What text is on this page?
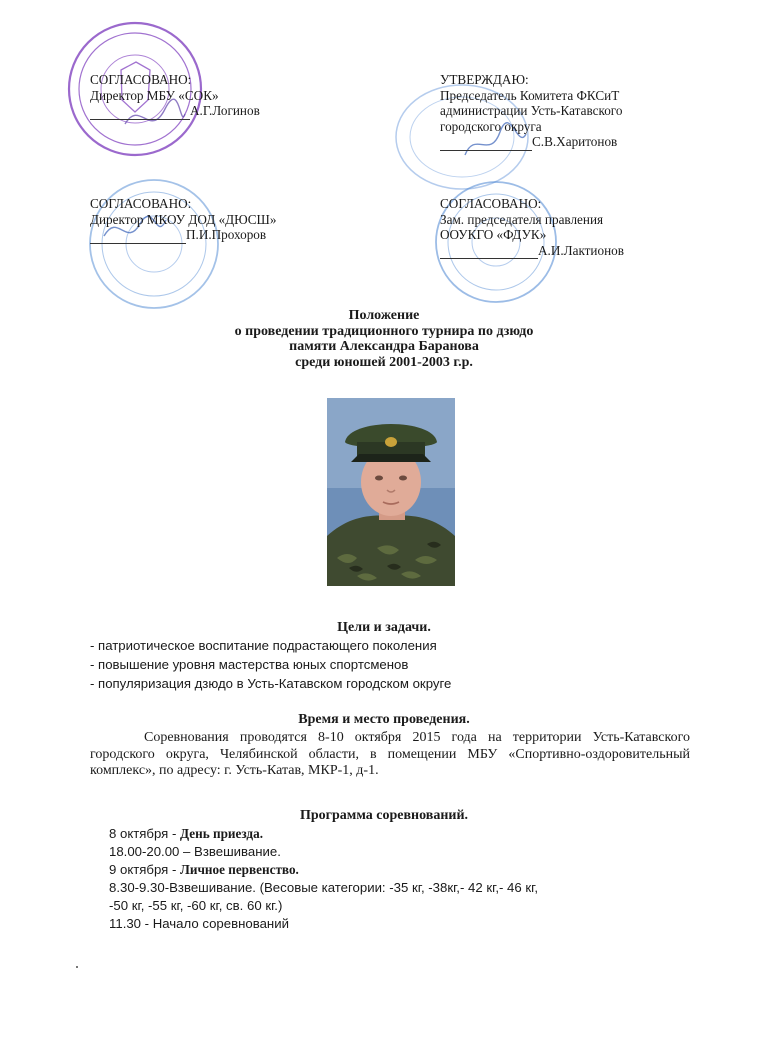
СОГЛАСОВАНО:
Директор МБУ «СОК»
А.Г.Логинов
УТВЕРЖДАЮ:
Председатель Комитета ФКСиТ
администрации Усть-Катавского
городского округа
С.В.Харитонов
СОГЛАСОВАНО:
Директор МКОУ ДОД «ДЮСШ»
П.И.Прохоров
СОГЛАСОВАНО:
Зам. председателя правления
ООУКГО «ФДУК»
А.И.Лактионов
Положение
о проведении традиционного турнира по дзюдо
памяти Александра Баранова
среди юношей 2001-2003 г.р.
Цели и задачи.
- патриотическое воспитание подрастающего поколения
- повышение уровня мастерства юных спортсменов
- популяризация дзюдо в Усть-Катавском городском округе
Время и место проведения.
Соревнования проводятся 8-10 октября 2015 года на территории Усть-Катавского городского округа, Челябинской области, в помещении МБУ «Спортивно-оздоровительный комплекс», по адресу: г. Усть-Катав, МКР-1, д-1.
Программа соревнований.
8 октября - День приезда.
18.00-20.00 – Взвешивание.
9 октября - Личное первенство.
8.30-9.30-Взвешивание. (Весовые категории: -35 кг, -38кг,- 42 кг,- 46 кг,
-50 кг, -55 кг, -60 кг, св. 60 кг.)
11.30 - Начало соревнований
